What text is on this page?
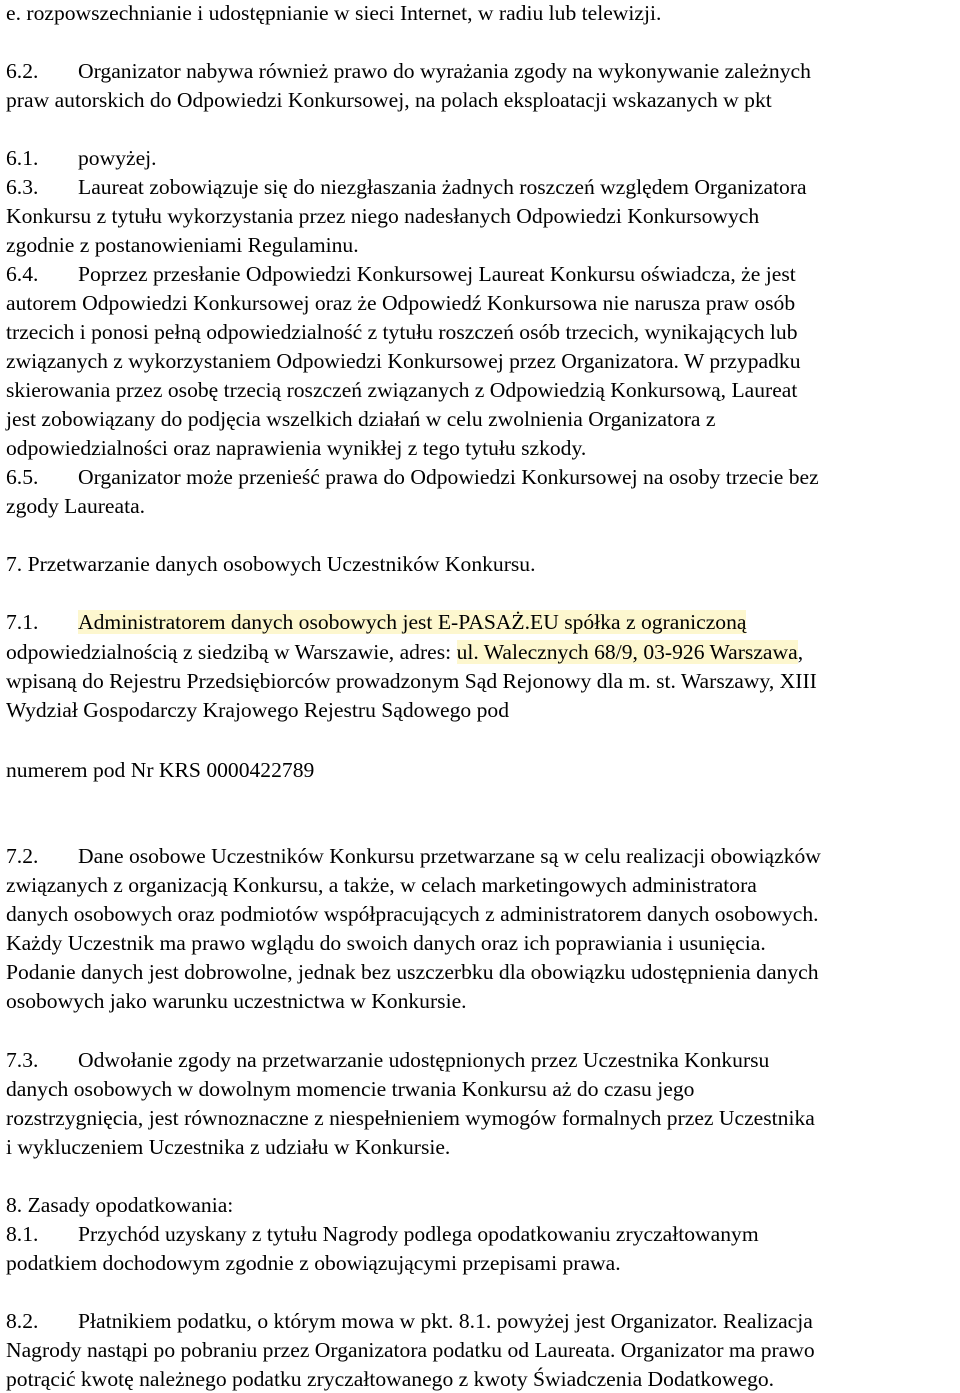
e. rozpowszechnianie i udostępnianie w sieci Internet, w radiu lub telewizji.
6.2. Organizator nabywa również prawo do wyrażania zgody na wykonywanie zależnych
praw autorskich do Odpowiedzi Konkursowej, na polach eksploatacji wskazanych w pkt
6.1. powyżej.
6.3. Laureat zobowiązuje się do niezgłaszania żadnych roszczeń względem Organizatora
Konkursu z tytułu wykorzystania przez niego nadesłanych Odpowiedzi Konkursowych
zgodnie z postanowieniami Regulaminu.
6.4. Poprzez przesłanie Odpowiedzi Konkursowej Laureat Konkursu oświadcza, że jest
autorem Odpowiedzi Konkursowej oraz że Odpowiedź Konkursowa nie narusza praw osób
trzecich i ponosi pełną odpowiedzialność z tytułu roszczeń osób trzecich, wynikających lub
związanych z wykorzystaniem Odpowiedzi Konkursowej przez Organizatora. W przypadku
skierowania przez osobę trzecią roszczeń związanych z Odpowiedzią Konkursową, Laureat
jest zobowiązany do podjęcia wszelkich działań w celu zwolnienia Organizatora z
odpowiedzialności oraz naprawienia wynikłej z tego tytułu szkody.
6.5. Organizator może przenieść prawa do Odpowiedzi Konkursowej na osoby trzecie bez
zgody Laureata.
7. Przetwarzanie danych osobowych Uczestników Konkursu.
7.1. Administratorem danych osobowych jest E-PASAŻ.EU spółka z ograniczoną
odpowiedzialnością z siedzibą w Warszawie, adres: ul. Walecznych 68/9, 03-926 Warszawa,
wpisaną do Rejestru Przedsiębiorców prowadzonym Sąd Rejonowy dla m. st. Warszawy, XIII
Wydział Gospodarczy Krajowego Rejestru Sądowego pod
numerem pod Nr KRS 0000422789
7.2. Dane osobowe Uczestników Konkursu przetwarzane są w celu realizacji obowiązków
związanych z organizacją Konkursu, a także, w celach marketingowych administratora
danych osobowych oraz podmiotów współpracujących z administratorem danych osobowych.
Każdy Uczestnik ma prawo wglądu do swoich danych oraz ich poprawiania i usunięcia.
Podanie danych jest dobrowolne, jednak bez uszczerbku dla obowiązku udostępnienia danych
osobowych jako warunku uczestnictwa w Konkursie.
7.3. Odwołanie zgody na przetwarzanie udostępnionych przez Uczestnika Konkursu
danych osobowych w dowolnym momencie trwania Konkursu aż do czasu jego
rozstrzygnięcia, jest równoznaczne z niespełnieniem wymogów formalnych przez Uczestnika
i wykluczeniem Uczestnika z udziału w Konkursie.
8. Zasady opodatkowania:
8.1. Przychód uzyskany z tytułu Nagrody podlega opodatkowaniu zryczałtowanym
podatkiem dochodowym zgodnie z obowiązującymi przepisami prawa.
8.2. Płatnikiem podatku, o którym mowa w pkt. 8.1. powyżej jest Organizator. Realizacja
Nagrody nastąpi po pobraniu przez Organizatora podatku od Laureata. Organizator ma prawo
potrącić kwotę należnego podatku zryczałtowanego z kwoty Świadczenia Dodatkowego.
